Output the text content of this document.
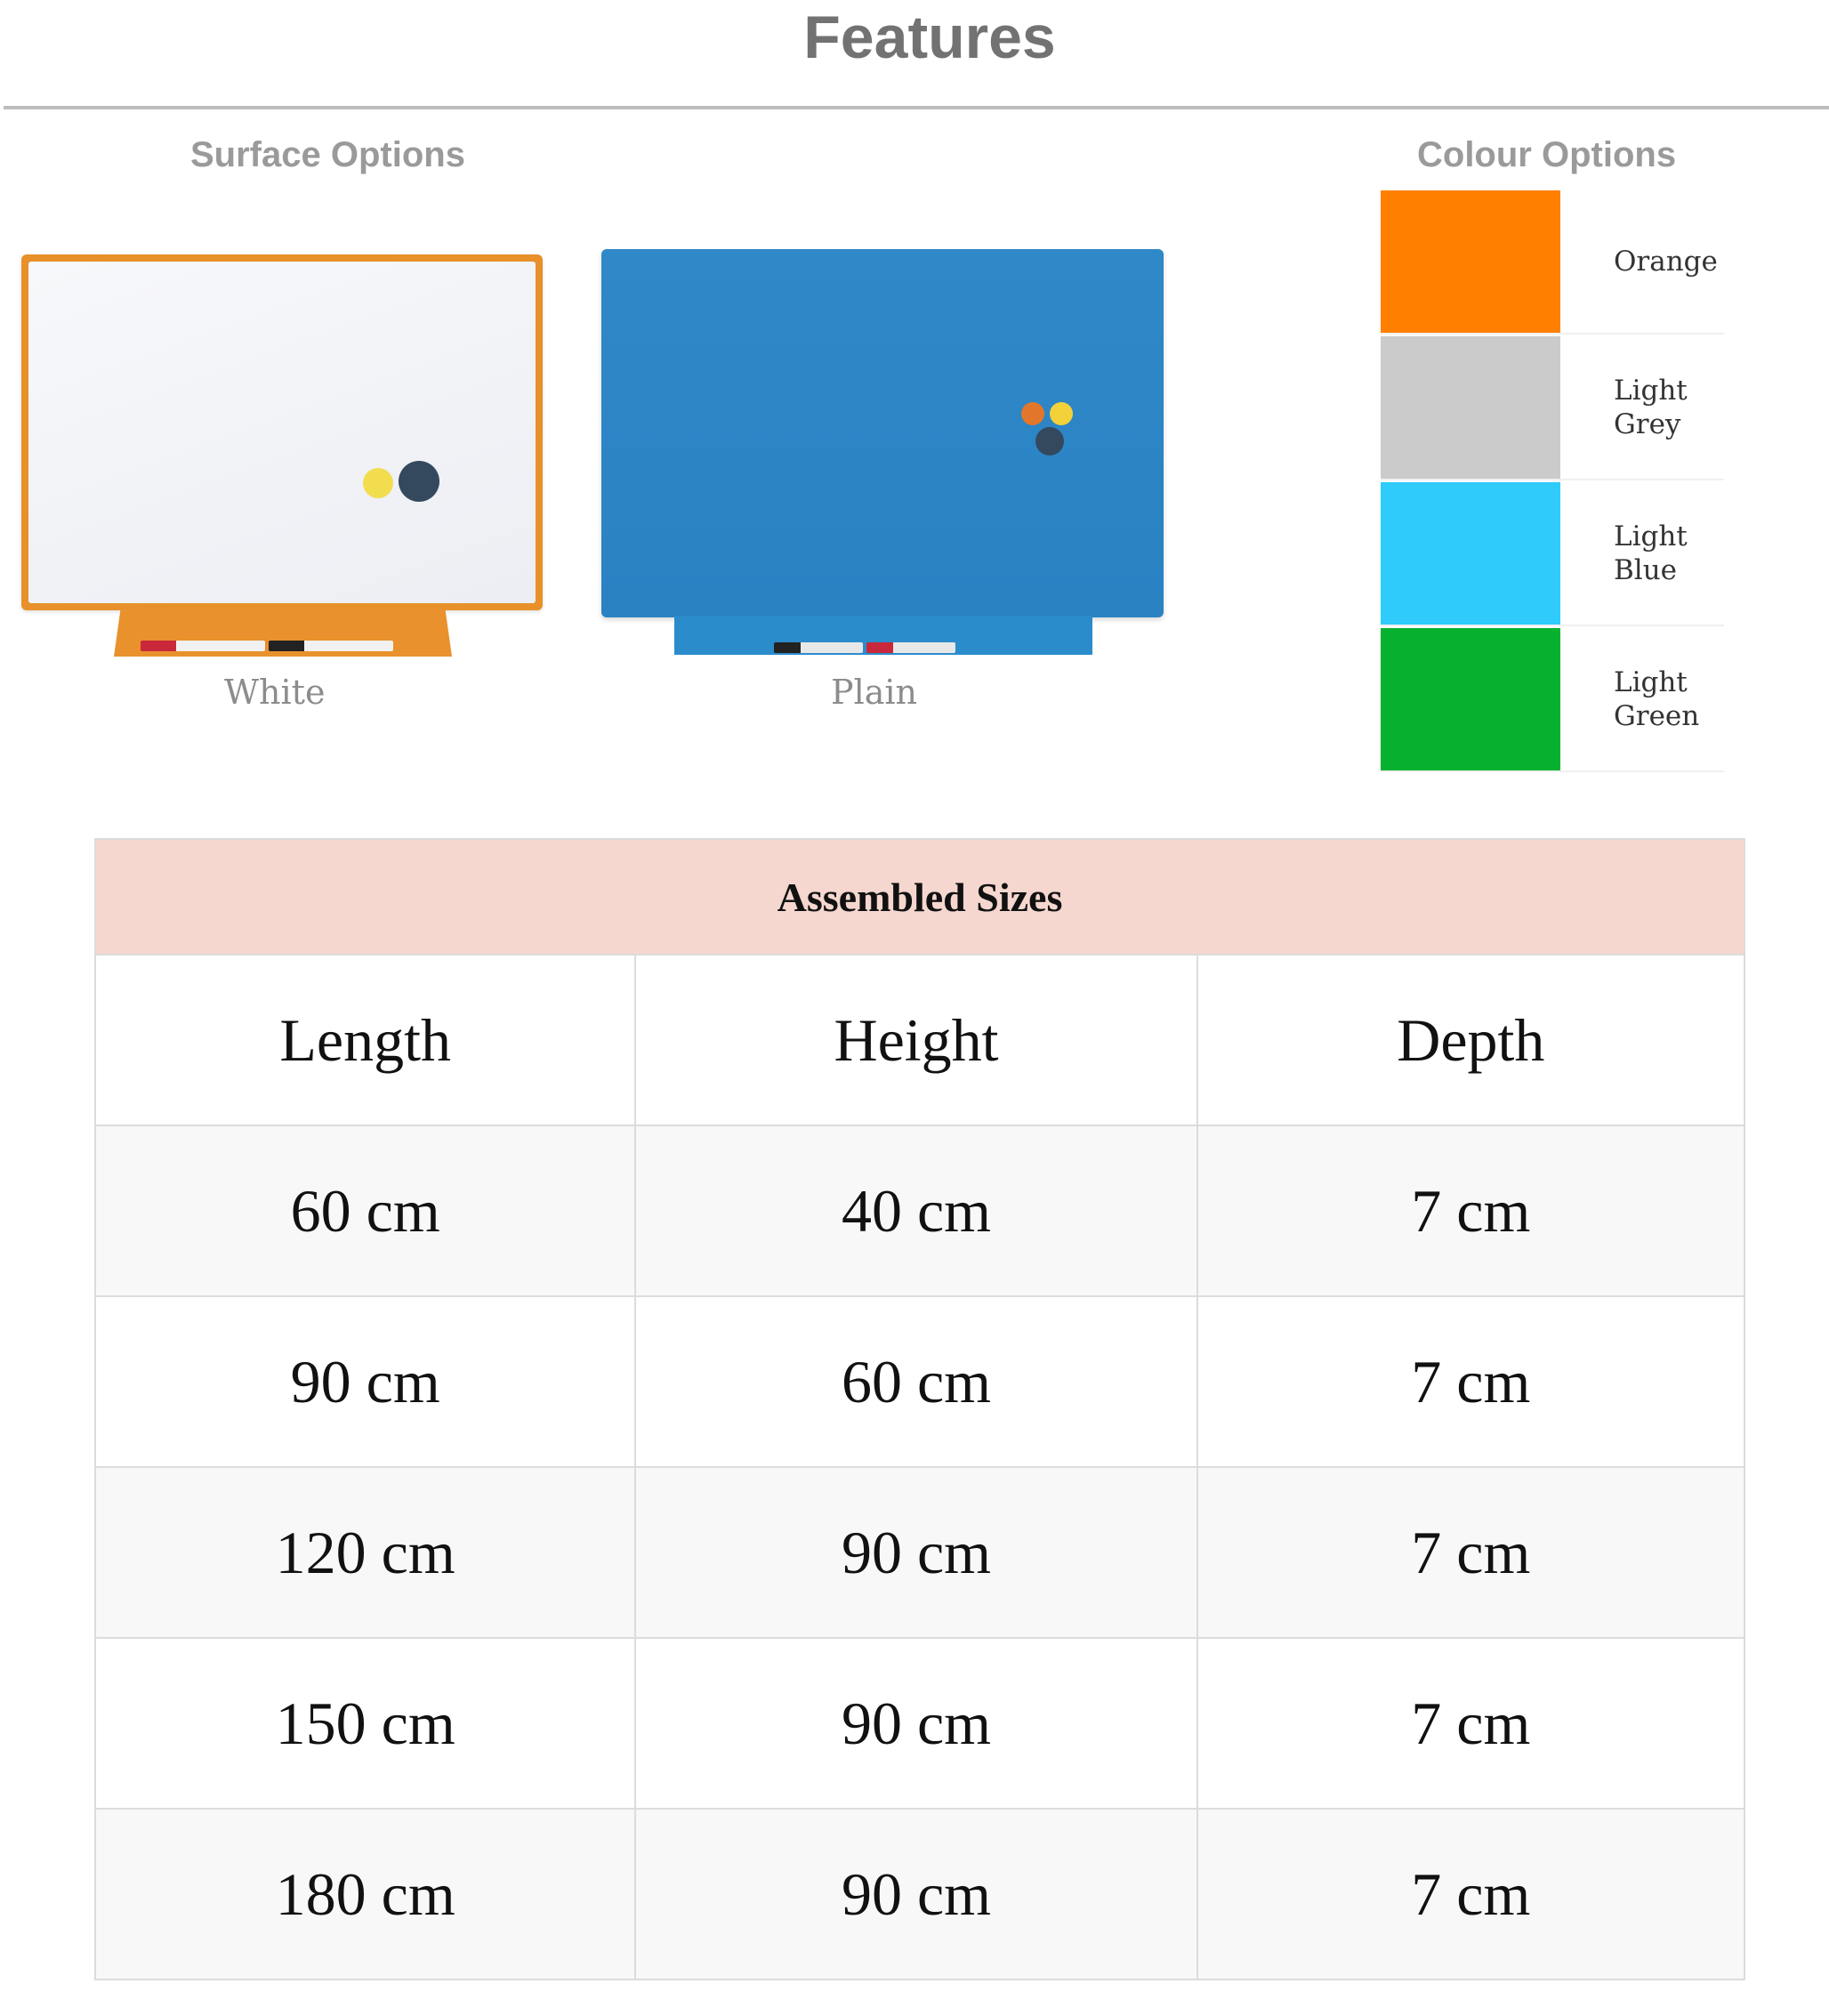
Features
Surface Options	Colour Options
White	Plain
Orange
Light
Grey
Light
Blue
Light
Green
Assembled Sizes		
Length	Height	Depth
60 cm	40 cm	7 cm
90 cm	60 cm	7 cm
120 cm	90 cm	7 cm
150 cm	90 cm	7 cm
180 cm	90 cm	7 cm
